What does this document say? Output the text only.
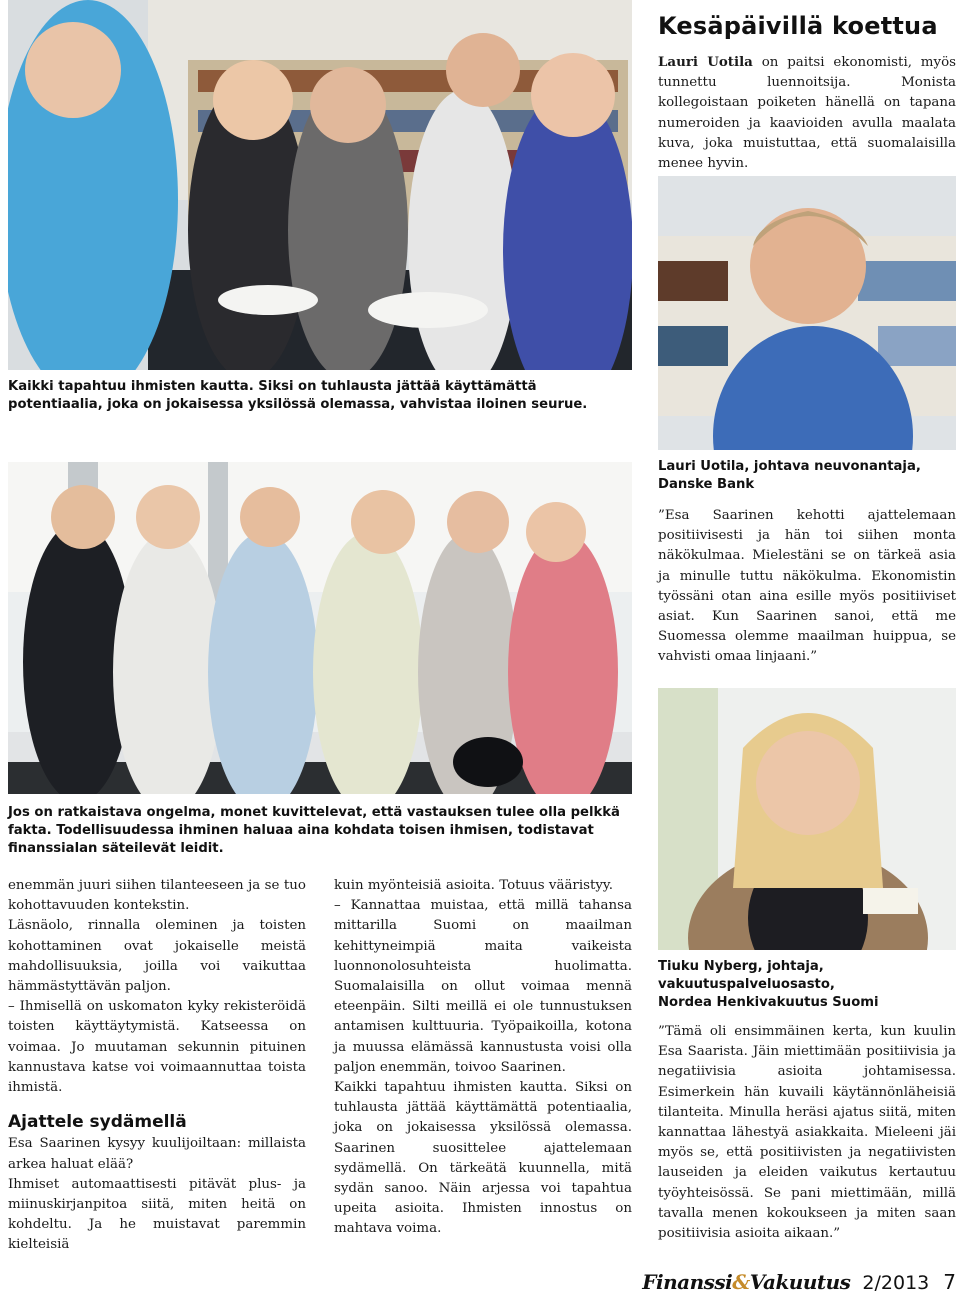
Kaikki tapahtuu ihmisten kautta. Siksi on tuhlausta jättää käyttämättä potentiaalia, joka on jokaisessa yksilössä olemassa, vahvistaa iloinen seurue.
Kesäpäivillä koettua
Lauri Uotila on paitsi ekonomisti, myös tunnettu luennoitsija. Monista kollegoistaan poiketen hänellä on tapana numeroiden ja kaavioiden avulla maalata kuva, joka muistuttaa, että suomalaisilla menee hyvin.
Lauri Uotila, johtava neuvonantaja,
Danske Bank

”Esa Saarinen kehotti ajattelemaan positiivisesti ja hän toi siihen monta näkökulmaa. Mielestäni se on tärkeä asia ja minulle tuttu näkökulma. Ekonomistin työssäni otan aina esille myös positiiviset asiat. Kun Saarinen sanoi, että me Suomessa olemme maailman huippua, se vahvisti omaa linjaani.”

Tiuku Nyberg, johtaja,
vakuutuspalveluosasto,
Nordea Henkivakuutus Suomi

”Tämä oli ensimmäinen kerta, kun kuulin Esa Saarista. Jäin miettimään positiivisia ja negatiivisia asioita johtamisessa. Esimerkein hän kuvaili käytännönläheisiä tilanteita. Minulla heräsi ajatus siitä, miten kannattaa lähestyä asiakkaita. Mieleeni jäi myös se, että positiivisten ja negatiivisten lauseiden ja eleiden vaikutus kertautuu työyhteisössä. Se pani miettimään, millä tavalla menen kokoukseen ja miten saan positiivisia asioita aikaan.”

Jos on ratkaistava ongelma, monet kuvittelevat, että vastauksen tulee olla pelkkä fakta. Todellisuudessa ihminen haluaa aina kohdata toisen ihmisen, todistavat finanssialan säteilevät leidit.

enemmän juuri siihen tilanteeseen ja se tuo kohottavuuden kontekstin.

Läsnäolo, rinnalla oleminen ja toisten kohottaminen ovat jokaiselle meistä mahdollisuuksia, joilla voi vaikuttaa hämmästyttävän paljon.

– Ihmisellä on uskomaton kyky rekisteröidä toisten käyttäytymistä. Katseessa on voimaa. Jo muutaman sekunnin pituinen kannustava katse voi voimaannuttaa toista ihmistä.

Ajattele sydämellä

Esa Saarinen kysyy kuulijoiltaan: millaista arkea haluat elää?

Ihmiset automaattisesti pitävät plus- ja miinuskirjanpitoa siitä, miten heitä on kohdeltu. Ja he muistavat paremmin kielteisiä

kuin myönteisiä asioita. Totuus vääristyy.

– Kannattaa muistaa, että millä tahansa mittarilla Suomi on maailman kehittyneimpiä maita vaikeista luonnonolosuhteista huolimatta. Suomalaisilla on ollut voimaa mennä eteenpäin. Silti meillä ei ole tunnustuksen antamisen kulttuuria. Työpaikoilla, kotona ja muussa elämässä kannustusta voisi olla paljon enemmän, toivoo Saarinen.

Kaikki tapahtuu ihmisten kautta. Siksi on tuhlausta jättää käyttämättä potentiaalia, joka on jokaisessa yksilössä olemassa. Saarinen suosittelee ajattelemaan sydämellä. On tärkeätä kuunnella, mitä sydän sanoo. Näin arjessa voi tapahtua upeita asioita. Ihmisten innostus on mahtava voima.

Finanssi&Vakuutus 2/2013 7
